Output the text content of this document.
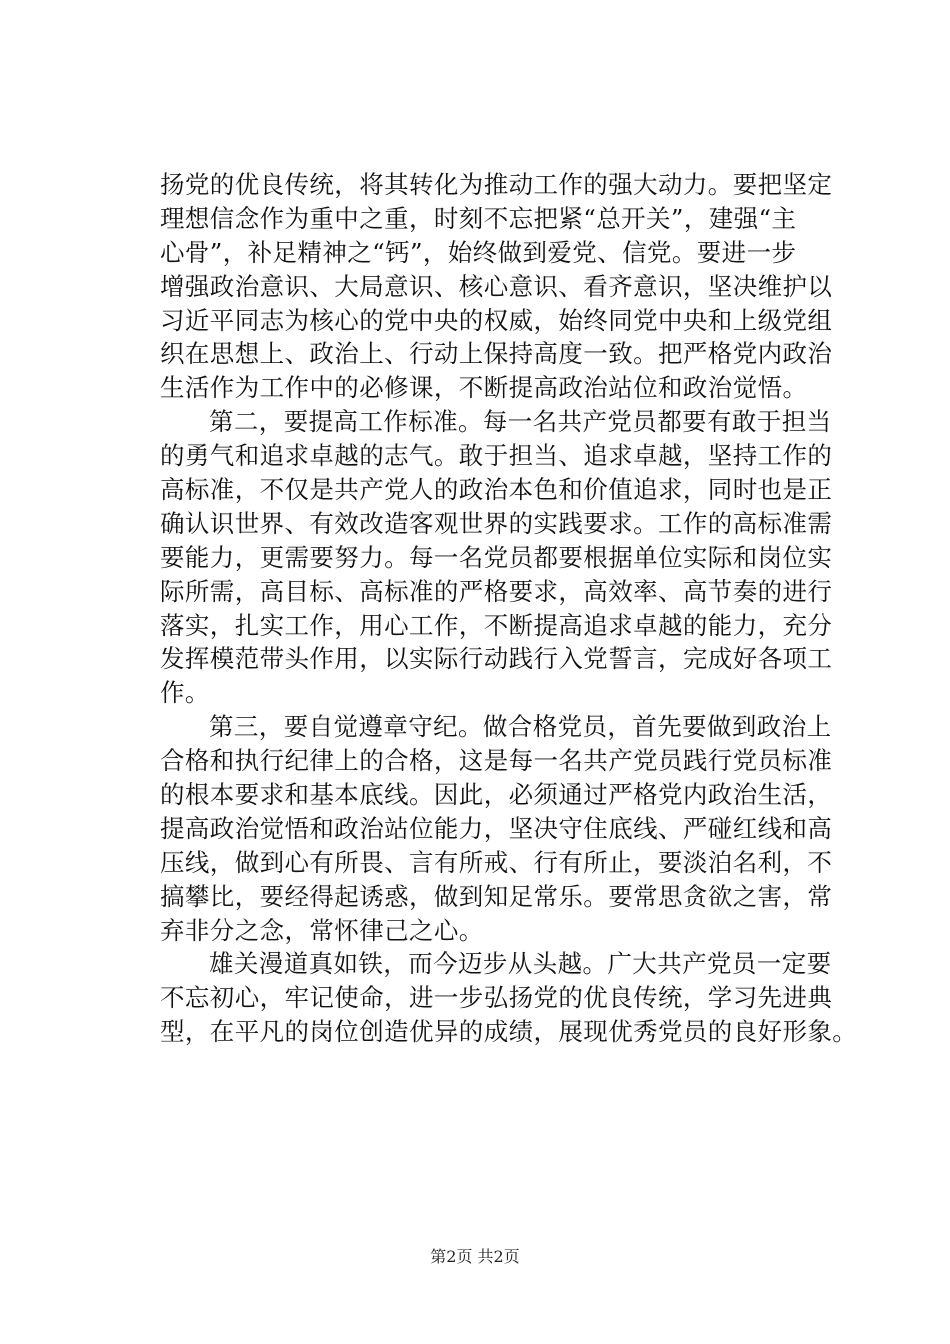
扬党的优良传统，将其转化为推动工作的强大动力。要把坚定
理想信念作为重中之重，时刻不忘把紧“总开关”，建强“主
心骨”，补足精神之“钙”，始终做到爱党、信党。要进一步
增强政治意识、大局意识、核心意识、看齐意识，坚决维护以
习近平同志为核心的党中央的权威，始终同党中央和上级党组
织在思想上、政治上、行动上保持高度一致。把严格党内政治
生活作为工作中的必修课，不断提高政治站位和政治觉悟。
第二，要提高工作标准。每一名共产党员都要有敢于担当
的勇气和追求卓越的志气。敢于担当、追求卓越，坚持工作的
高标准，不仅是共产党人的政治本色和价值追求，同时也是正
确认识世界、有效改造客观世界的实践要求。工作的高标准需
要能力，更需要努力。每一名党员都要根据单位实际和岗位实
际所需，高目标、高标准的严格要求，高效率、高节奏的进行
落实，扎实工作，用心工作，不断提高追求卓越的能力，充分
发挥模范带头作用，以实际行动践行入党誓言，完成好各项工
作。
第三，要自觉遵章守纪。做合格党员，首先要做到政治上
合格和执行纪律上的合格，这是每一名共产党员践行党员标准
的根本要求和基本底线。因此，必须通过严格党内政治生活，
提高政治觉悟和政治站位能力，坚决守住底线、严碰红线和高
压线，做到心有所畏、言有所戒、行有所止，要淡泊名利，不
搞攀比，要经得起诱惑，做到知足常乐。要常思贪欲之害，常
弃非分之念，常怀律己之心。
雄关漫道真如铁，而今迈步从头越。广大共产党员一定要
不忘初心，牢记使命，进一步弘扬党的优良传统，学习先进典
型，在平凡的岗位创造优异的成绩，展现优秀党员的良好形象。
第2页 共2页
